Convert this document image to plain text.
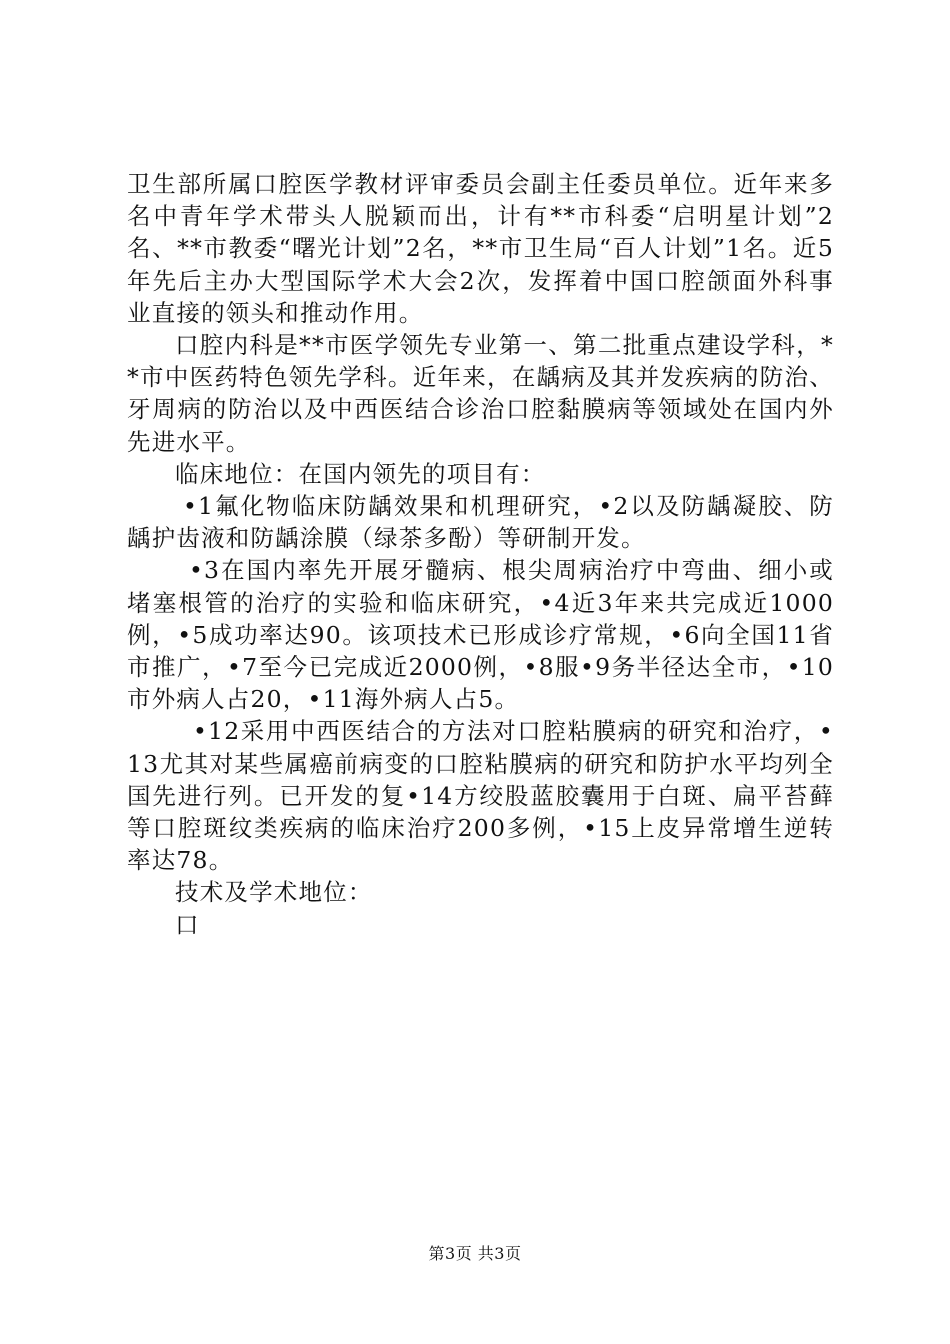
卫生部所属口腔医学教材评审委员会副主任委员单位。近年来多名中青年学术带头人脱颖而出，计有**市科委“启明星计划”2名、**市教委“曙光计划”2名，**市卫生局“百人计划”1名。近5年先后主办大型国际学术大会2次，发挥着中国口腔颌面外科事业直接的领头和推动作用。

口腔内科是**市医学领先专业第一、第二批重点建设学科，**市中医药特色领先学科。近年来，在龋病及其并发疾病的防治、牙周病的防治以及中西医结合诊治口腔黏膜病等领域处在国内外先进水平。

临床地位：在国内领先的项目有：

•1氟化物临床防龋效果和机理研究，•2以及防龋凝胶、防龋护齿液和防龋涂膜（绿茶多酚）等研制开发。

•3在国内率先开展牙髓病、根尖周病治疗中弯曲、细小或堵塞根管的治疗的实验和临床研究，•4近3年来共完成近1000例，•5成功率达90。该项技术已形成诊疗常规，•6向全国11省市推广，•7至今已完成近2000例，•8服•9务半径达全市，•10市外病人占20，•11海外病人占5。

•12采用中西医结合的方法对口腔粘膜病的研究和治疗，•13尤其对某些属癌前病变的口腔粘膜病的研究和防护水平均列全国先进行列。已开发的复•14方绞股蓝胶囊用于白斑、扁平苔藓等口腔斑纹类疾病的临床治疗200多例，•15上皮异常增生逆转率达78。

技术及学术地位：

口

第3页 共3页
